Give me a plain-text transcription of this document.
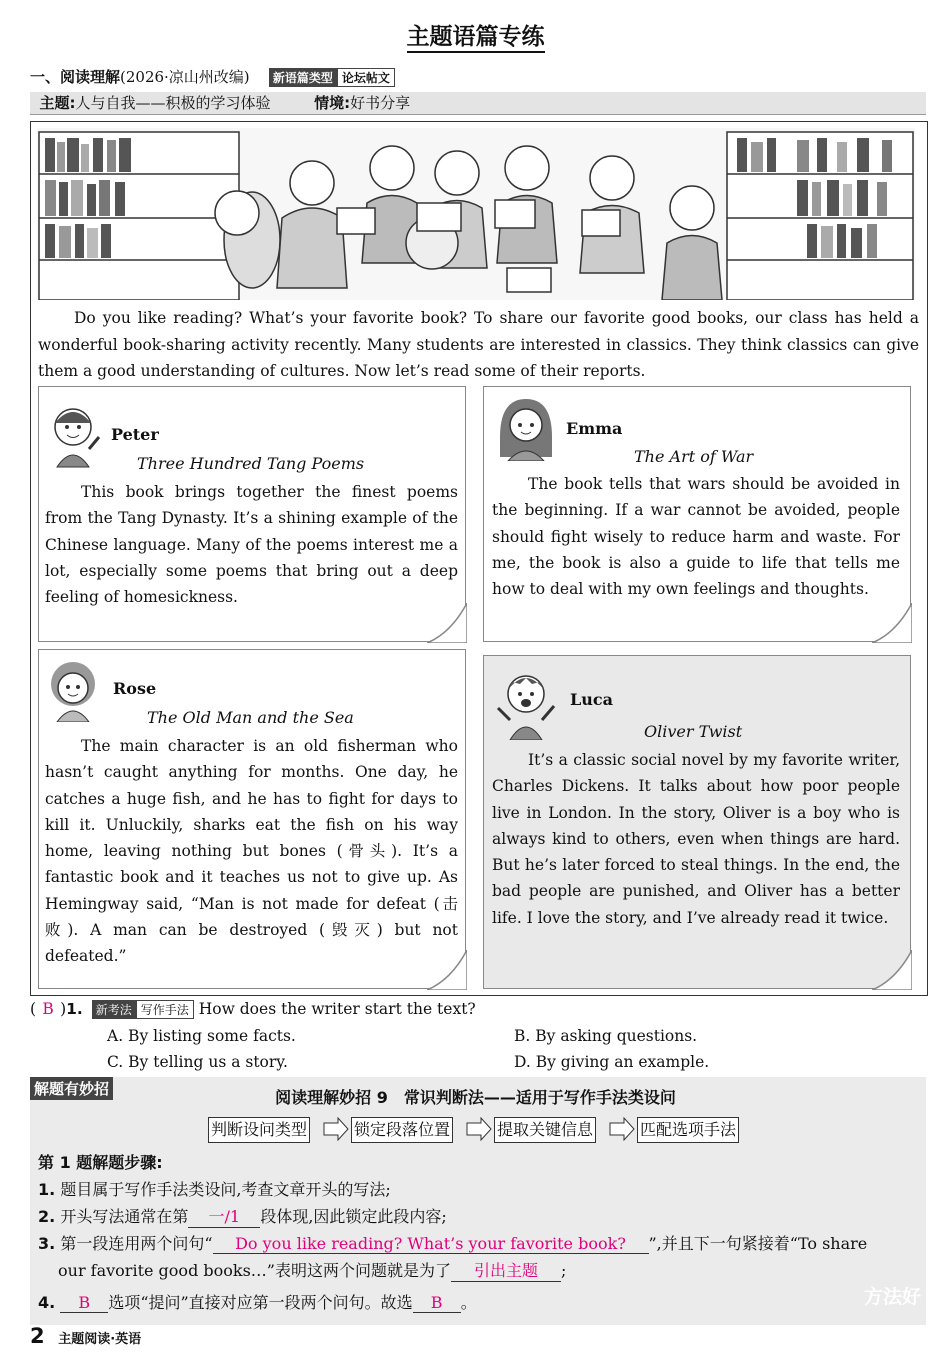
主题语篇专练
一、阅读理解(2026·凉山州改编) 新语篇类型 论坛帖文
主题:人与自我——积极的学习体验	情境:好书分享
Do you like reading? What’s your favorite book? To share our favorite good books, our class has held a wonderful book-sharing activity recently. Many students are interested in classics. They think classics can give them a good understanding of cultures. Now let’s read some of their reports.
Peter
Three Hundred Tang Poems
This book brings together the finest poems from the Tang Dynasty. It’s a shining example of the Chinese language. Many of the poems interest me a lot, especially some poems that bring out a deep feeling of homesickness.
Emma
The Art of War
The book tells that wars should be avoided in the beginning. If a war cannot be avoided, people should fight wisely to reduce harm and waste. For me, the book is also a guide to life that tells me how to deal with my own feelings and thoughts.
Rose
The Old Man and the Sea
The main character is an old fisherman who hasn’t caught anything for months. One day, he catches a huge fish, and he has to fight for days to kill it. Unluckily, sharks eat the fish on his way home, leaving nothing but bones (骨头). It’s a fantastic book and it teaches us not to give up. As Hemingway said, “Man is not made for defeat (击败). A man can be destroyed (毁灭) but not defeated.”
Luca
Oliver Twist
It’s a classic social novel by my favorite writer, Charles Dickens. It talks about how poor people live in London. In the story, Oliver is a boy who is always kind to others, even when things are hard. But he’s later forced to steal things. In the end, the bad people are punished, and Oliver has a better life. I love the story, and I’ve already read it twice.
( B )1. 新考法 写作手法 How does the writer start the text?
A. By listing some facts.	B. By asking questions.
C. By telling us a story.	D. By giving an example.
解题有妙招	阅读理解妙招 9　常识判断法——适用于写作手法类设问
判断设问类型	锁定段落位置	提取关键信息	匹配选项手法
第 1 题解题步骤:
1. 题目属于写作手法类设问,考查文章开头的写法;
2. 开头写法通常在第 一/1 段体现,因此锁定此段内容;
3. 第一段连用两个问句“ Do you like reading? What’s your favorite book? ”,并且下一句紧接着“To share
our favorite good books…”表明这两个问题就是为了 引出主题 ;
4. B 选项“提问”直接对应第一段两个问句。故选 B 。	方法好
2 主题阅读·英语
